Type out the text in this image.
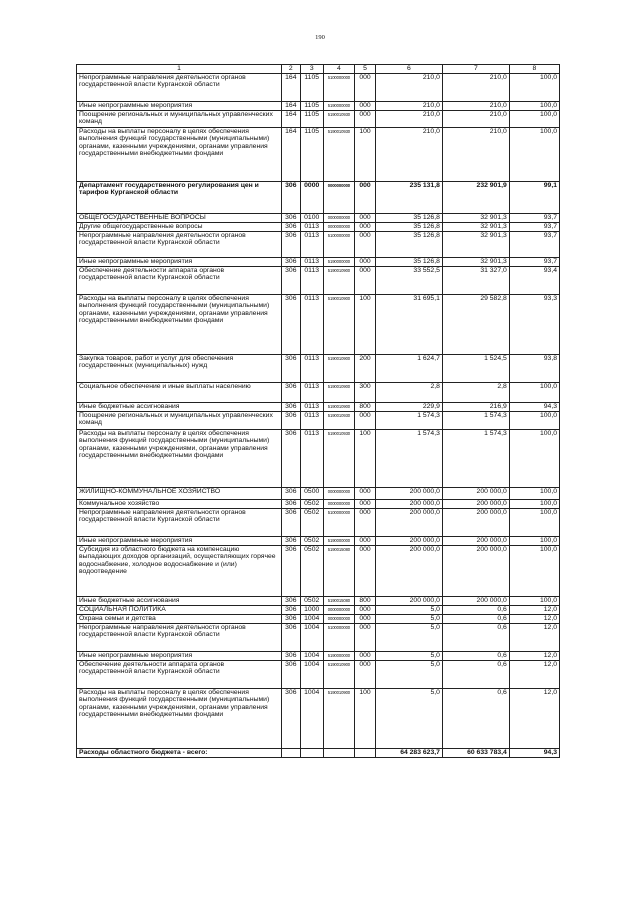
190
1	2	3	4	5	6	7	8
Непрограммные направления деятельности органов государственной власти Курганской области	164	1105	5100000000	000	210,0	210,0	100,0
Иные непрограммные мероприятия	164	1105	5190000000	000	210,0	210,0	100,0
Поощрение региональных и муниципальных управленческих команд	164	1105	5190010930	000	210,0	210,0	100,0
Расходы на выплаты персоналу в целях обеспечения выполнения функций государственными (муниципальными) органами, казенными учреждениями, органами управления государственными внебюджетными фондами	164	1105	5190010930	100	210,0	210,0	100,0
Департамент государственного регулирования цен и тарифов Курганской области	306	0000	0000000000	000	235 131,8	232 901,9	99,1
ОБЩЕГОСУДАРСТВЕННЫЕ ВОПРОСЫ	306	0100	0000000000	000	35 126,8	32 901,3	93,7
Другие общегосударственные вопросы	306	0113	0000000000	000	35 126,8	32 901,3	93,7
Непрограммные направления деятельности органов государственной власти Курганской области	306	0113	5100000000	000	35 126,8	32 901,3	93,7
Иные непрограммные мероприятия	306	0113	5190000000	000	35 126,8	32 901,3	93,7
Обеспечение деятельности аппарата органов государственной власти Курганской области	306	0113	5190010900	000	33 552,5	31 327,0	93,4
Расходы на выплаты персоналу в целях обеспечения выполнения функций государственными (муниципальными) органами, казенными учреждениями, органами управления государственными внебюджетными фондами	306	0113	5190010900	100	31 695,1	29 582,8	93,3
Закупка товаров, работ и услуг для обеспечения государственных (муниципальных) нужд	306	0113	5190010900	200	1 624,7	1 524,5	93,8
Социальное обеспечение и иные выплаты населению	306	0113	5190010900	300	2,8	2,8	100,0
Иные бюджетные ассигнования	306	0113	5190010900	800	229,9	216,9	94,3
Поощрение региональных и муниципальных управленческих команд	306	0113	5190010930	000	1 574,3	1 574,3	100,0
Расходы на выплаты персоналу в целях обеспечения выполнения функций государственными (муниципальными) органами, казенными учреждениями, органами управления государственными внебюджетными фондами	306	0113	5190010930	100	1 574,3	1 574,3	100,0
ЖИЛИЩНО-КОММУНАЛЬНОЕ ХОЗЯЙСТВО	306	0500	0000000000	000	200 000,0	200 000,0	100,0
Коммунальное хозяйство	306	0502	0000000000	000	200 000,0	200 000,0	100,0
Непрограммные направления деятельности органов государственной власти Курганской области	306	0502	5100000000	000	200 000,0	200 000,0	100,0
Иные непрограммные мероприятия	306	0502	5190000000	000	200 000,0	200 000,0	100,0
Субсидия из областного бюджета на компенсацию выпадающих доходов организаций, осуществляющих горячее водоснабжение, холодное водоснабжение и (или) водоотведение	306	0502	5190015080	000	200 000,0	200 000,0	100,0
Иные бюджетные ассигнования	306	0502	5190015080	800	200 000,0	200 000,0	100,0
СОЦИАЛЬНАЯ ПОЛИТИКА	306	1000	0000000000	000	5,0	0,6	12,0
Охрана семьи и детства	306	1004	0000000000	000	5,0	0,6	12,0
Непрограммные направления деятельности органов государственной власти Курганской области	306	1004	5100000000	000	5,0	0,6	12,0
Иные непрограммные мероприятия	306	1004	5190000000	000	5,0	0,6	12,0
Обеспечение деятельности аппарата органов государственной власти Курганской области	306	1004	5190010900	000	5,0	0,6	12,0
Расходы на выплаты персоналу в целях обеспечения выполнения функций государственными (муниципальными) органами, казенными учреждениями, органами управления государственными внебюджетными фондами	306	1004	5190010900	100	5,0	0,6	12,0
Расходы областного бюджета - всего:					64 283 623,7	60 633 783,4	94,3
